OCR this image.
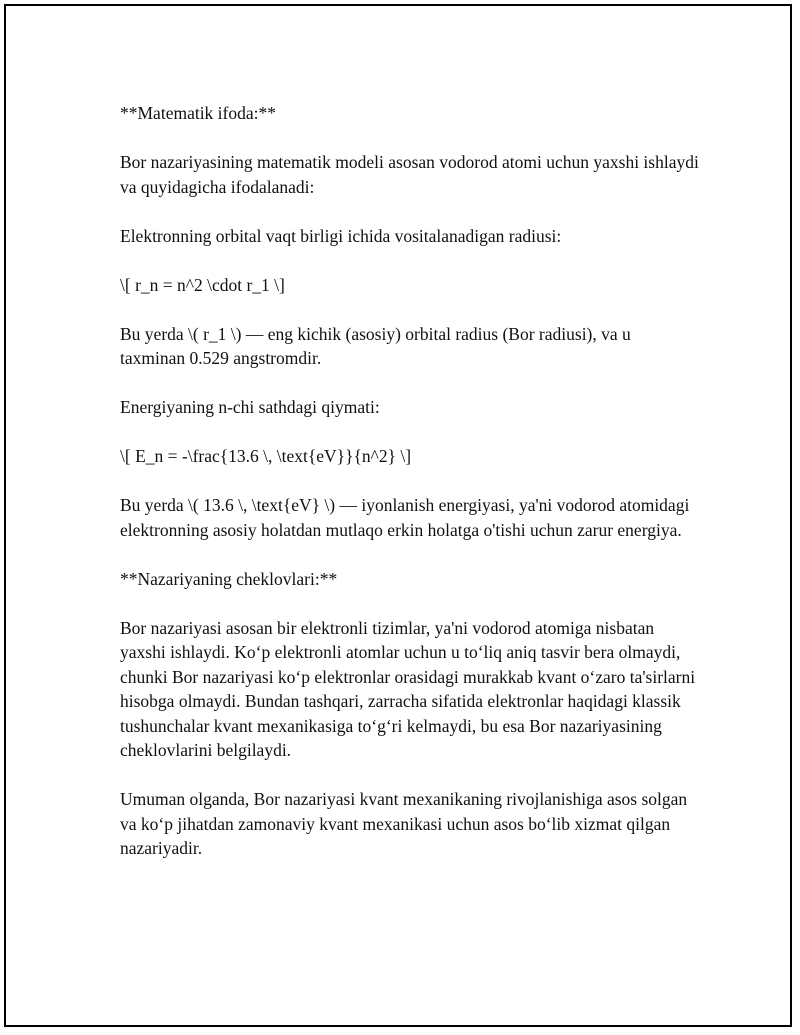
**Matematik ifoda:**

Bor nazariyasining matematik modeli asosan vodorod atomi uchun yaxshi ishlaydi va quyidagicha ifodalanadi:

Elektronning orbital vaqt birligi ichida vositalanadigan radiusi:

\[ r_n = n^2 \cdot r_1 \]

Bu yerda \( r_1 \) — eng kichik (asosiy) orbital radius (Bor radiusi), va u taxminan 0.529 angstromdir.

Energiyaning n-chi sathdagi qiymati:

\[ E_n = -\frac{13.6 \, \text{eV}}{n^2} \]

Bu yerda \( 13.6 \, \text{eV} \) — iyonlanish energiyasi, ya'ni vodorod atomidagi elektronning asosiy holatdan mutlaqo erkin holatga o'tishi uchun zarur energiya.

**Nazariyaning cheklovlari:**

Bor nazariyasi asosan bir elektronli tizimlar, ya'ni vodorod atomiga nisbatan yaxshi ishlaydi. Koʻp elektronli atomlar uchun u toʻliq aniq tasvir bera olmaydi, chunki Bor nazariyasi koʻp elektronlar orasidagi murakkab kvant oʻzaro ta'sirlarni hisobga olmaydi. Bundan tashqari, zarracha sifatida elektronlar haqidagi klassik tushunchalar kvant mexanikasiga toʻgʻri kelmaydi, bu esa Bor nazariyasining cheklovlarini belgilaydi.

Umuman olganda, Bor nazariyasi kvant mexanikaning rivojlanishiga asos solgan va koʻp jihatdan zamonaviy kvant mexanikasi uchun asos boʻlib xizmat qilgan nazariyadir.
